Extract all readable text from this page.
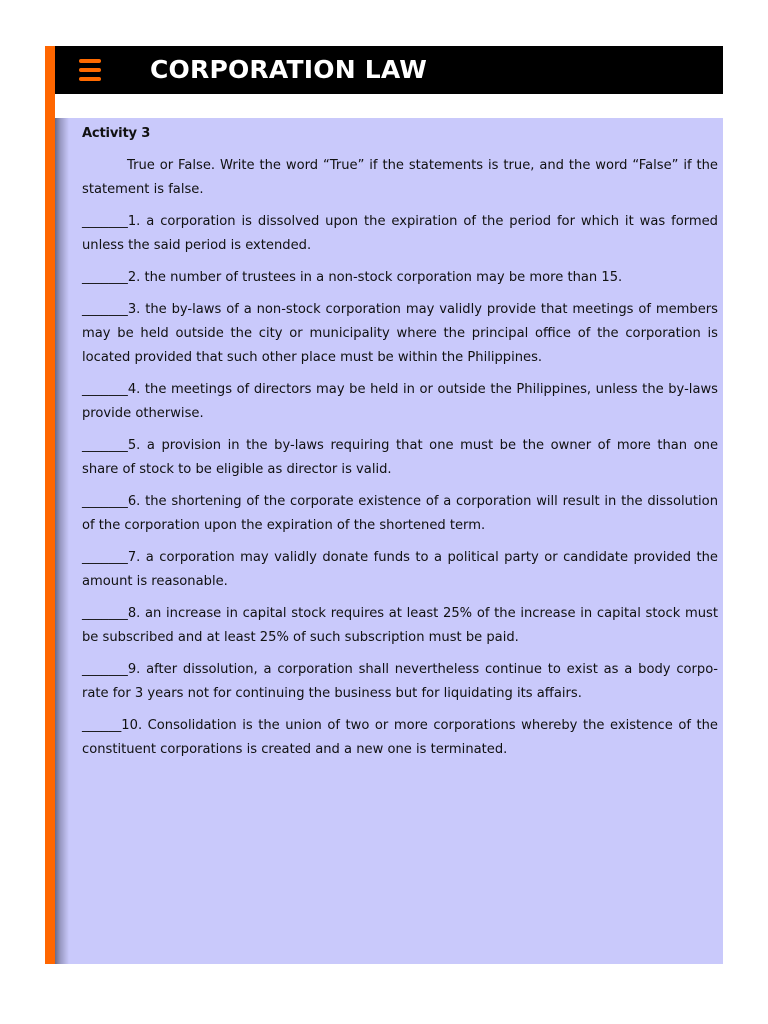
CORPORATION LAW

Activity 3

True or False. Write the word “True” if the statements is true, and the word “False” if the statement is false.

_______1. a corporation is dissolved upon the expiration of the period for which it was formed unless the said period is extended.

_______2. the number of trustees in a non-stock corporation may be more than 15.

_______3. the by-laws of a non-stock corporation may validly provide that meetings of members may be held outside the city or municipality where the principal office of the corporation is located provided that such other place must be within the Philippines.

_______4. the meetings of directors may be held in or outside the Philippines, unless the by-laws provide otherwise.

_______5. a provision in the by-laws requiring that one must be the owner of more than one share of stock to be eligible as director is valid.

_______6. the shortening of the corporate existence of a corporation will result in the dissolution of the corporation upon the expiration of the shortened term.

_______7. a corporation may validly donate funds to a political party or candidate provided the amount is reasonable.

_______8. an increase in capital stock requires at least 25% of the increase in capital stock must be subscribed and at least 25% of such subscription must be paid.

_______9. after dissolution, a corporation shall nevertheless continue to exist as a body corporate for 3 years not for continuing the business but for liquidating its affairs.

______10. Consolidation is the union of two or more corporations whereby the existence of the constituent corporations is created and a new one is terminated.
